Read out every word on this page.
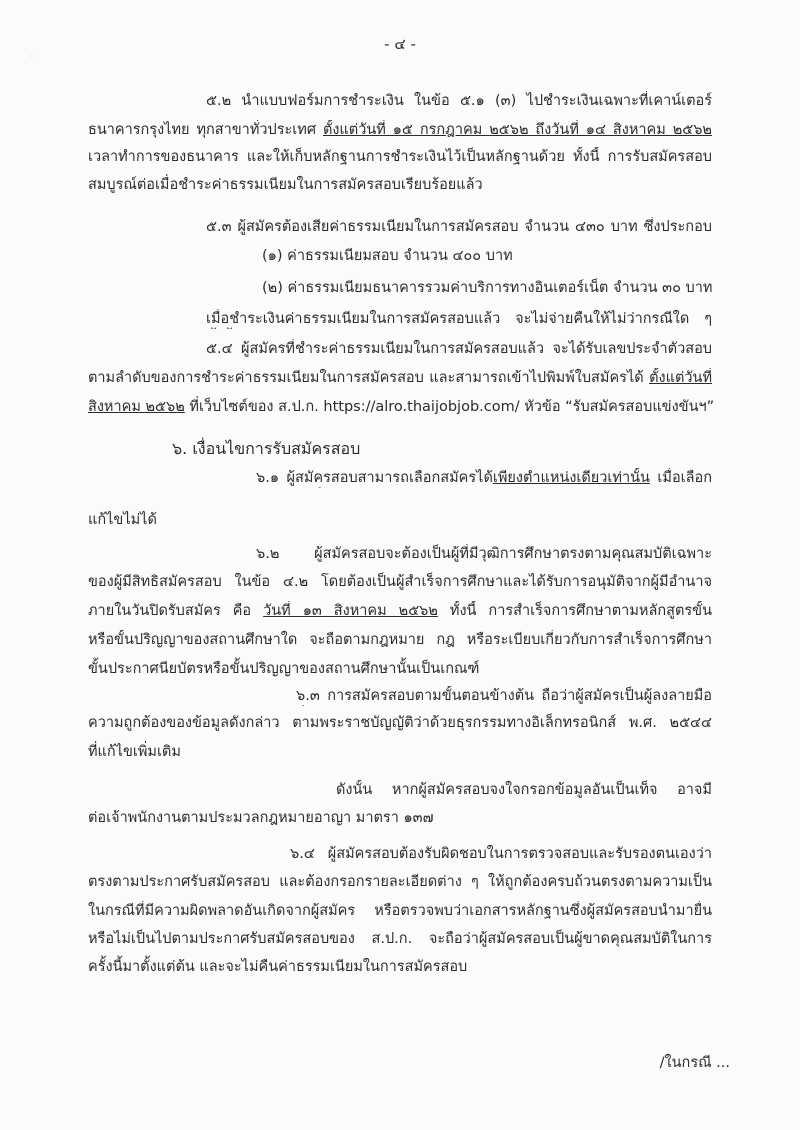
· ·
- ๔ -
๕.๒ นำแบบฟอร์มการชำระเงิน ในข้อ ๕.๑ (๓) ไปชำระเงินเฉพาะที่เคาน์เตอร์
ธนาคารกรุงไทย ทุกสาขาทั่วประเทศ ตั้งแต่วันที่ ๑๕ กรกฎาคม ๒๕๖๒ ถึงวันที่ ๑๔ สิงหาคม ๒๕๖๒
เวลาทำการของธนาคาร และให้เก็บหลักฐานการชำระเงินไว้เป็นหลักฐานด้วย ทั้งนี้ การรับสมัครสอบ
สมบูรณ์ต่อเมื่อชำระค่าธรรมเนียมในการสมัครสอบเรียบร้อยแล้ว
๕.๓ ผู้สมัครต้องเสียค่าธรรมเนียมในการสมัครสอบ จำนวน ๔๓๐ บาท ซึ่งประกอบ
(๑) ค่าธรรมเนียมสอบ จำนวน ๔๐๐ บาท
(๒) ค่าธรรมเนียมธนาคารรวมค่าบริการทางอินเตอร์เน็ต จำนวน ๓๐ บาท
เมื่อชำระเงินค่าธรรมเนียมในการสมัครสอบแล้ว จะไม่จ่ายคืนให้ไม่ว่ากรณีใด ๆ
๕.๔ ผู้สมัครที่ชำระค่าธรรมเนียมในการสมัครสอบแล้ว จะได้รับเลขประจำตัวสอบ
ตามลำดับของการชำระค่าธรรมเนียมในการสมัครสอบ และสามารถเข้าไปพิมพ์ใบสมัครได้ ตั้งแต่วันที่
สิงหาคม ๒๕๖๒ ที่เว็บไซต์ของ ส.ป.ก. https://alro.thaijobjob.com/ หัวข้อ “รับสมัครสอบแข่งขันฯ”
๖. เงื่อนไขการรับสมัครสอบ
๖.๑ ผู้สมัครสอบสามารถเลือกสมัครได้เพียงตำแหน่งเดียวเท่านั้น เมื่อเลือก
แก้ไขไม่ได้
๖.๒ ผู้สมัครสอบจะต้องเป็นผู้ที่มีวุฒิการศึกษาตรงตามคุณสมบัติเฉพาะ
ของผู้มีสิทธิสมัครสอบ ในข้อ ๔.๒ โดยต้องเป็นผู้สำเร็จการศึกษาและได้รับการอนุมัติจากผู้มีอำนาจ
ภายในวันปิดรับสมัคร คือ วันที่ ๑๓ สิงหาคม ๒๕๖๒ ทั้งนี้ การสำเร็จการศึกษาตามหลักสูตรขั้น
หรือขั้นปริญญาของสถานศึกษาใด จะถือตามกฎหมาย กฎ หรือระเบียบเกี่ยวกับการสำเร็จการศึกษา
ขั้นประกาศนียบัตรหรือขั้นปริญญาของสถานศึกษานั้นเป็นเกณฑ์
๖.๓ การสมัครสอบตามขั้นตอนข้างต้น ถือว่าผู้สมัครเป็นผู้ลงลายมือ
ความถูกต้องของข้อมูลดังกล่าว ตามพระราชบัญญัติว่าด้วยธุรกรรมทางอิเล็กทรอนิกส์ พ.ศ. ๒๕๔๔
ที่แก้ไขเพิ่มเติม
ดังนั้น หากผู้สมัครสอบจงใจกรอกข้อมูลอันเป็นเท็จ อาจมี
ต่อเจ้าพนักงานตามประมวลกฎหมายอาญา มาตรา ๑๓๗
๖.๔ ผู้สมัครสอบต้องรับผิดชอบในการตรวจสอบและรับรองตนเองว่า
ตรงตามประกาศรับสมัครสอบ และต้องกรอกรายละเอียดต่าง ๆ ให้ถูกต้องครบถ้วนตรงตามความเป็น
ในกรณีที่มีความผิดพลาดอันเกิดจากผู้สมัคร หรือตรวจพบว่าเอกสารหลักฐานซึ่งผู้สมัครสอบนำมายื่น
หรือไม่เป็นไปตามประกาศรับสมัครสอบของ ส.ป.ก. จะถือว่าผู้สมัครสอบเป็นผู้ขาดคุณสมบัติในการ
ครั้งนี้มาตั้งแต่ต้น และจะไม่คืนค่าธรรมเนียมในการสมัครสอบ
/ในกรณี ...
